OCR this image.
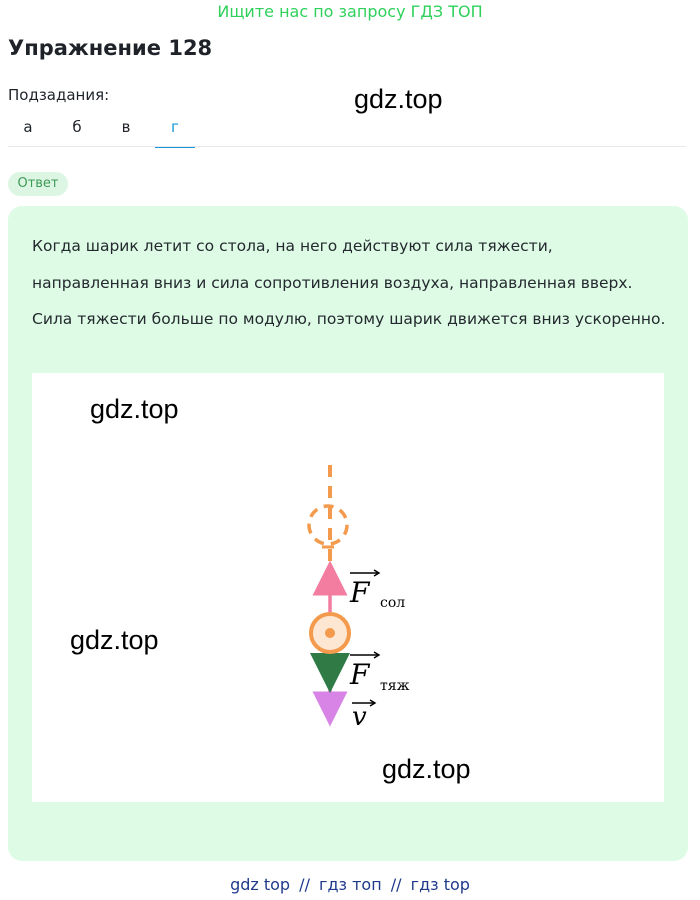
Ищите нас по запросу ГДЗ ТОП
Упражнение 128
gdz.top
Подзадания:
а	б	в	г
Ответ

Когда шарик летит со стола, на него действуют сила тяжести, направленная вниз и сила сопротивления воздуха, направленная вверх. Сила тяжести больше по модулю, поэтому шарик движется вниз ускоренно.

F сол
F тяж
v
gdz.top
gdz.top
gdz.top
gdz top // гдз топ // гдз top
